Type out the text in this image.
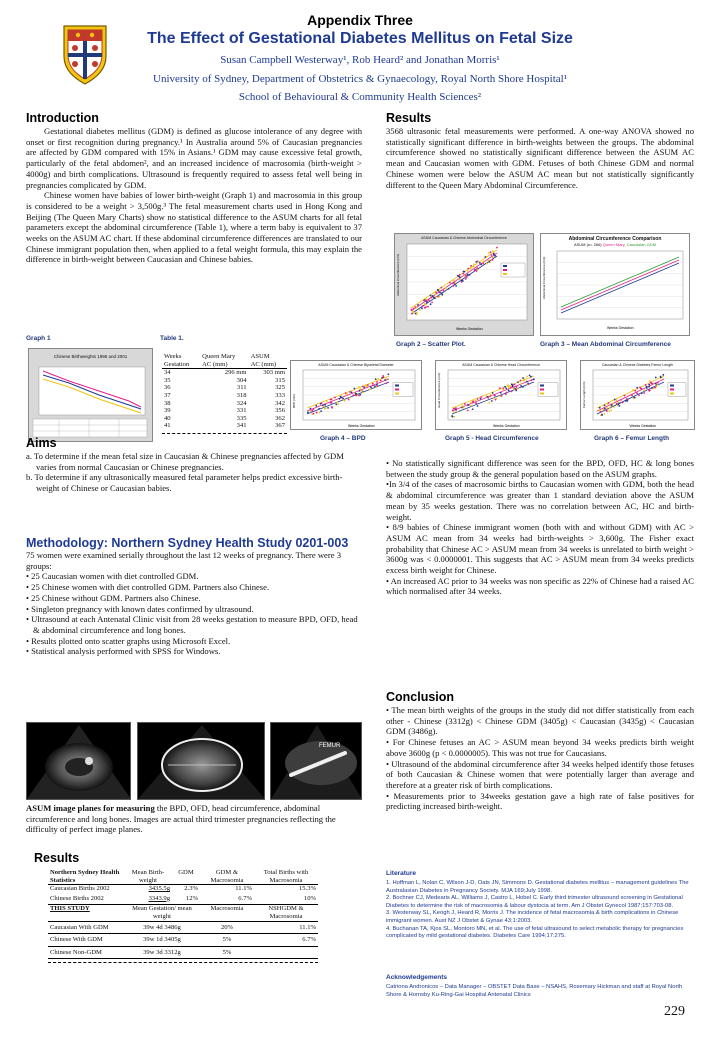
Appendix Three
The Effect of Gestational Diabetes Mellitus on Fetal Size
Susan Campbell Westerway¹, Rob Heard² and Jonathan Morris¹
University of Sydney, Department of Obstetrics & Gynaecology, Royal North Shore Hospital¹
School of Behavioural & Community Health Sciences²
Introduction

Gestational diabetes mellitus (GDM) is defined as glucose intolerance of any degree with onset or first recognition during pregnancy.¹ In Australia around 5% of Caucasian pregnancies are affected by GDM compared with 15% in Asians.¹ GDM may cause excessive fetal growth, particularly of the fetal abdomen², and an increased incidence of macrosomia (birth-weight > 4000g) and birth complications. Ultrasound is frequently required to assess fetal well being in pregnancies complicated by GDM.

Chinese women have babies of lower birth-weight (Graph 1) and macrosomia in this group is considered to be a weight > 3,500g.³ The fetal measurement charts used in Hong Kong and Beijing (The Queen Mary Charts) show no statistical difference to the ASUM charts for all fetal parameters except the abdominal circumference (Table 1), where a term baby is equivalent to 37 weeks on the ASUM AC chart. If these abdominal circumference differences are translated to our Chinese immigrant population then, when applied to a fetal weight formula, this may explain the difference in birth-weight between Caucasian and Chinese babies.

Graph 1	Table 1.
Chinese Birthweights 1995 and 2001	Weeks	Queen Mary	ASUM
Gestation	AC (mm)	AC (mm)
34	296 mm	303 mm
35	304	315
36	311	325
37	318	333
38	324	342
39	331	356
40	335	362
41	341	367
Aims
a. To determine if the mean fetal size in Caucasian & Chinese pregnancies affected by GDM varies from normal Caucasian or Chinese pregnancies.
b. To determine if any ultrasonically measured fetal parameter helps predict excessive birth-weight of Chinese or Caucasian babies.
Methodology: Northern Sydney Health Study 0201-003
75 women were examined serially throughout the last 12 weeks of pregnancy. There were 3 groups:
• 25 Caucasian women with diet controlled GDM.
• 25 Chinese women with diet controlled GDM. Partners also Chinese.
• 25 Chinese without GDM. Partners also Chinese.
• Singleton pregnancy with known dates confirmed by ultrasound.
• Ultrasound at each Antenatal Clinic visit from 28 weeks gestation to measure BPD, OFD, head & abdominal circumference and long bones.
• Results plotted onto scatter graphs using Microsoft Excel.
• Statistical analysis performed with SPSS for Windows.
FEMUR
ASUM image planes for measuring the BPD, OFD, head circumference, abdominal circumference and long bones. Images are actual third trimester pregnancies reflecting the difficulty of perfect image planes.
Results
Northern Sydney Health Statistics	Mean Birth-weight	GDM	GDM & Macrosomia	Total Births with Macrosomia
Caucasian Births 2002	3435.5g	2.3%	11.1%	15.3%
Chinese Births 2002	3343.9g	12%	6.7%	10%
THIS STUDY	Mean Gestation/ mean weight		Macrosomia	NSHGDM & Macrosomia
Caucasian With GDM	39w 4d 3486g		20%	11.1%
Chinese With GDM	39w 1d 3405g		5%	6.7%
Chinese Non-GDM	39w 3d 3312g		5%	
Results
3568 ultrasonic fetal measurements were performed. A one-way ANOVA showed no statistically significant difference in birth-weights between the groups. The abdominal circumference showed no statistically significant difference between the ASUM AC mean and Caucasian women with GDM. Fetuses of both Chinese GDM and normal Chinese women were below the ASUM AC mean but not statistically significantly different to the Queen Mary Abdominal Circumference.
ASUM Caucasian & Chinese Abdominal Circumference
Weeks Gestation
Abdominal Circumference (mm)
Abdominal Circumference Comparison
ASUM (n= 266) Queen Mary, Caucasian GDM
Weeks Gestation
Abdominal Circumference (mm)
Graph 2 – Scatter Plot.	Graph 3 – Mean Abdominal Circumference
ASUM Caucasian & Chinese Biparietal Diameter
Weeks Gestation
BPD (mm)
ASUM Caucasian & Chinese Head Circumference
Weeks Gestation
Head Circumference (mm)
Caucasian & Chinese Diabetes Femur Length
Weeks Gestation
Femur Length (mm)
Graph 4 – BPD	Graph 5 - Head Circumference	Graph 6 – Femur Length
• No statistically significant difference was seen for the BPD, OFD, HC & long bones between the study group & the general population based on the ASUM graphs.
•In 3/4 of the cases of macrosomic births to Caucasian women with GDM, both the head & abdominal circumference was greater than 1 standard deviation above the ASUM mean by 35 weeks gestation. There was no correlation between AC, HC and birth-weight.
• 8/9 babies of Chinese immigrant women (both with and without GDM) with AC > ASUM AC mean from 34 weeks had birth-weights > 3,600g. The Fisher exact probability that Chinese AC > ASUM mean from 34 weeks is unrelated to birth weight > 3600g was < 0.0000001. This suggests that AC > ASUM mean from 34 weeks predicts excess birth weight for Chinese.
• An increased AC prior to 34 weeks was non specific as 22% of Chinese had a raised AC which normalised after 34 weeks.
Conclusion
• The mean birth weights of the groups in the study did not differ statistically from each other - Chinese (3312g) < Chinese GDM (3405g) < Caucasian (3435g) < Caucasian GDM (3486g).
• For Chinese fetuses an AC > ASUM mean beyond 34 weeks predicts birth weight above 3600g (p < 0.0000005). This was not true for Caucasians.
• Ultrasound of the abdominal circumference after 34 weeks helped identify those fetuses of both Caucasian & Chinese women that were potentially larger than average and therefore at a greater risk of birth complications.
• Measurements prior to 34weeks gestation gave a high rate of false positives for predicting increased birth-weight.
Literature
1. Hoffman L, Nolan C, Wilson J-D, Oats JN, Simmons D. Gestational diabetes mellitus – management guidelines The Australasian Diabetes in Pregnancy Society. MJA 169;July 1998.
2. Bochner CJ, Medearis AL, Williams J, Castro L, Hobel C. Early third trimester ultrasound screening in Gestational Diabetes to determine the risk of macrosomia & labour dystocia at term. Am J Obstet Gynecol 1987;157:703-08.
3. Westerway SL, Keogh J, Heard R, Morris J. The incidence of fetal macrosomia & birth complications in Chinese immigrant women. Aust NZ J Obstet & Gynae 43;1:2003.
4. Buchanan TA, Kjos SL, Montoro MN, et al. The use of fetal ultrasound to select metabolic therapy for pregnancies complicated by mild gestational diabetes. Diabetes Care 1994;17:275.
Acknowledgements
Catriona Andronicos – Data Manager – OBSTET Data Base – NSAHS, Rosemary Hickman and staff at Royal North Shore & Hornsby Ku-Ring-Gai Hospital Antenatal Clinics
229
